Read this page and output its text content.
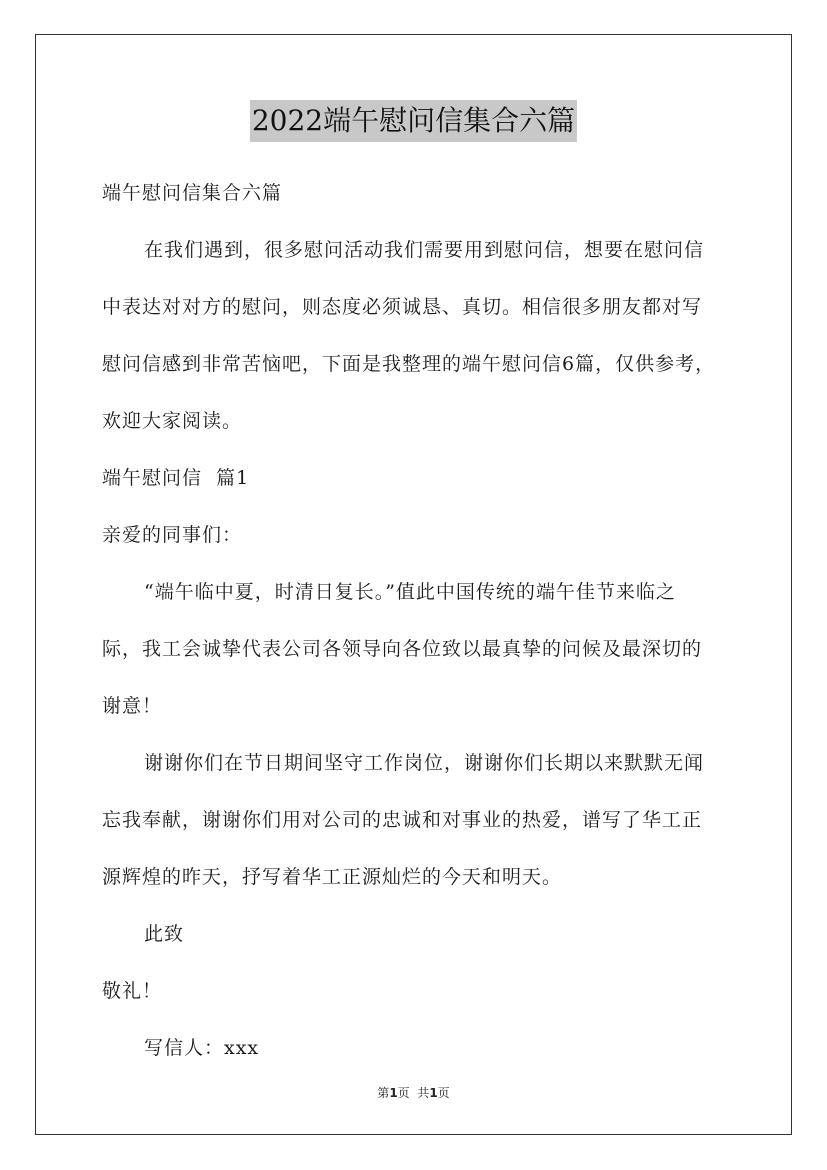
2022端午慰问信集合六篇

端午慰问信集合六篇

在我们遇到，很多慰问活动我们需要用到慰问信，想要在慰问信

中表达对对方的慰问，则态度必须诚恳、真切。相信很多朋友都对写

慰问信感到非常苦恼吧，下面是我整理的端午慰问信6篇，仅供参考，

欢迎大家阅读。

端午慰问信  篇1

亲爱的同事们：

“端午临中夏，时清日复长。”值此中国传统的端午佳节来临之

际，我工会诚挚代表公司各领导向各位致以最真挚的问候及最深切的

谢意！

谢谢你们在节日期间坚守工作岗位，谢谢你们长期以来默默无闻

忘我奉献，谢谢你们用对公司的忠诚和对事业的热爱，谱写了华工正

源辉煌的昨天，抒写着华工正源灿烂的今天和明天。

此致

敬礼！

写信人：xxx

第1页  共1页
